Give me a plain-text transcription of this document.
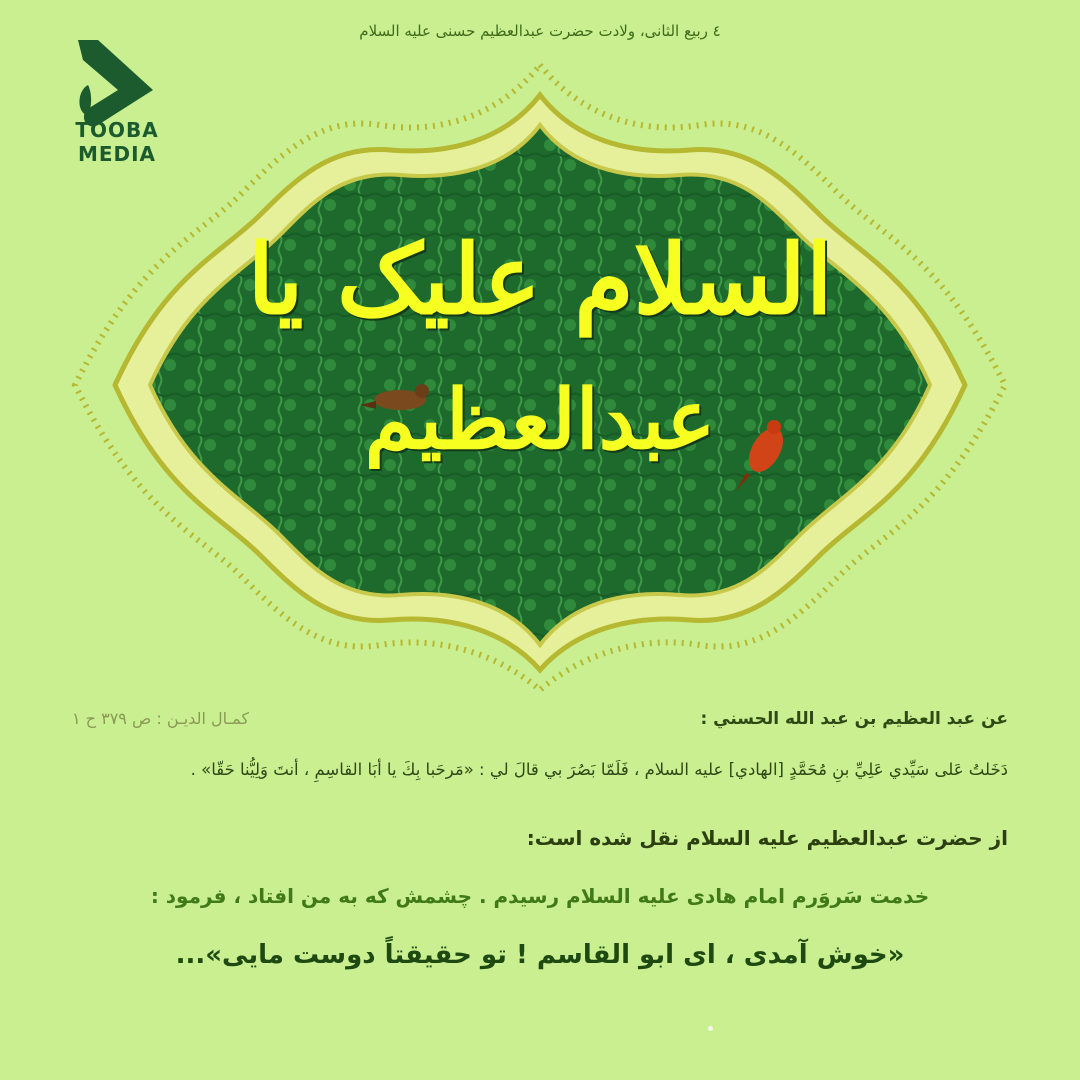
٤ ربیع الثانی، ولادت حضرت عبدالعظیم حسنی علیه السلام
TOOBA MEDIA
السلام علیک یا
عبدالعظیم
عن عبد العظیم بن عبد الله الحسني :
كمـال الديـن : ص ٣٧٩ ح ١
دَخَلتُ عَلی سَیِّدي عَلِيِّ بنِ مُحَمَّدٍ [الهادي] علیه السلام ، فَلَمّا بَصُرَ بي قالَ لي : «مَرحَبا بِكَ یا أبَا القاسِمِ ، أنتَ وَلِیُّنا حَقّا» .
از حضرت عبدالعظیم علیه السلام نقل شده است:
خدمت سَروَرم امام هادی علیه السلام رسیدم . چشمش که به من افتاد ، فرمود :
«خوش آمدی ، ای ابو القاسم ! تو حقیقتاً دوست مایی»...
